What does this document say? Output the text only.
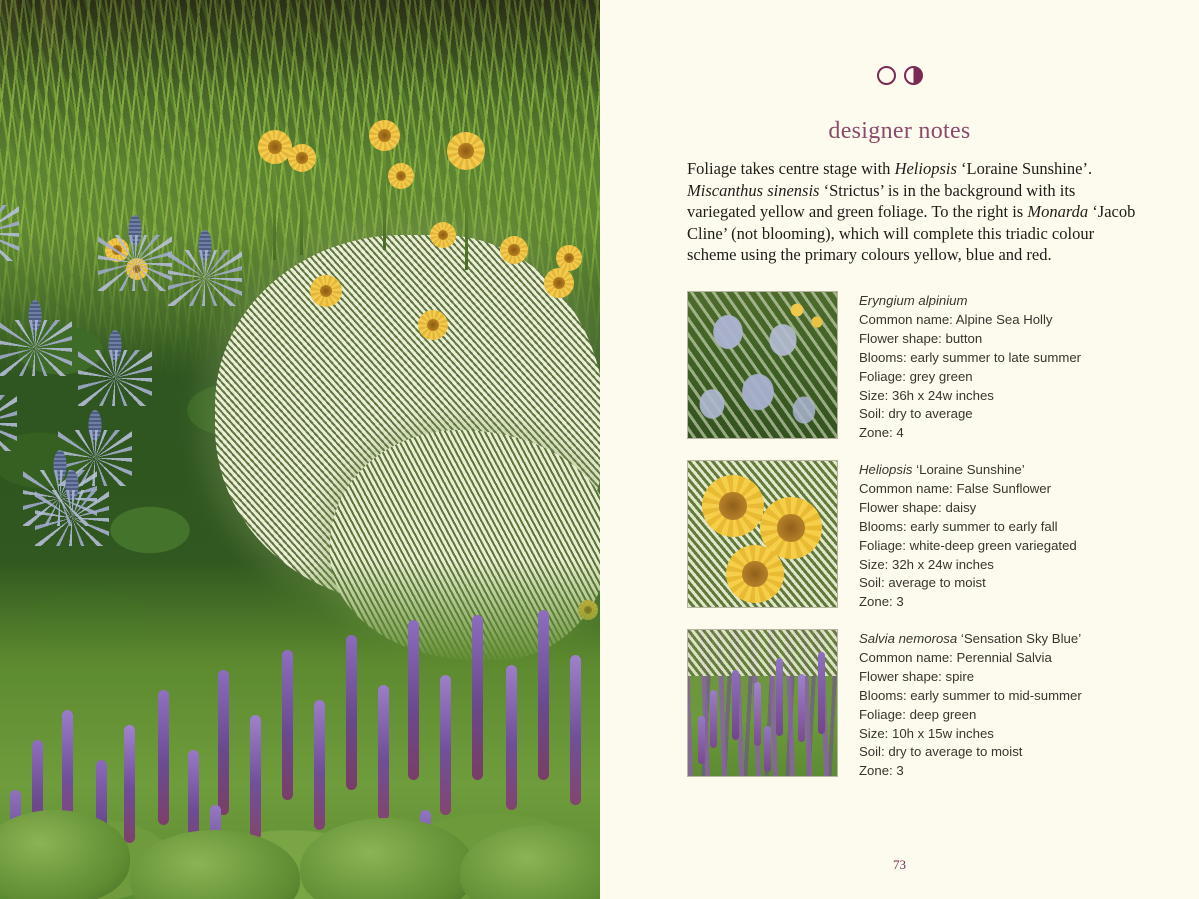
designer notes
Foliage takes centre stage with Heliopsis ‘Loraine Sunshine’. Miscanthus sinensis ‘Strictus’ is in the background with its variegated yellow and green foliage. To the right is Monarda ‘Jacob Cline’ (not blooming), which will complete this triadic colour scheme using the primary colours yellow, blue and red.
Eryngium alpinium
Common name: Alpine Sea Holly
Flower shape: button
Blooms: early summer to late summer
Foliage: grey green
Size: 36h x 24w inches
Soil: dry to average
Zone: 4
Heliopsis ‘Loraine Sunshine’
Common name: False Sunflower
Flower shape: daisy
Blooms: early summer to early fall
Foliage: white-deep green variegated
Size: 32h x 24w inches
Soil: average to moist
Zone: 3
Salvia nemorosa ‘Sensation Sky Blue’
Common name: Perennial Salvia
Flower shape: spire
Blooms: early summer to mid-summer
Foliage: deep green
Size: 10h x 15w inches
Soil: dry to average to moist
Zone: 3
73
